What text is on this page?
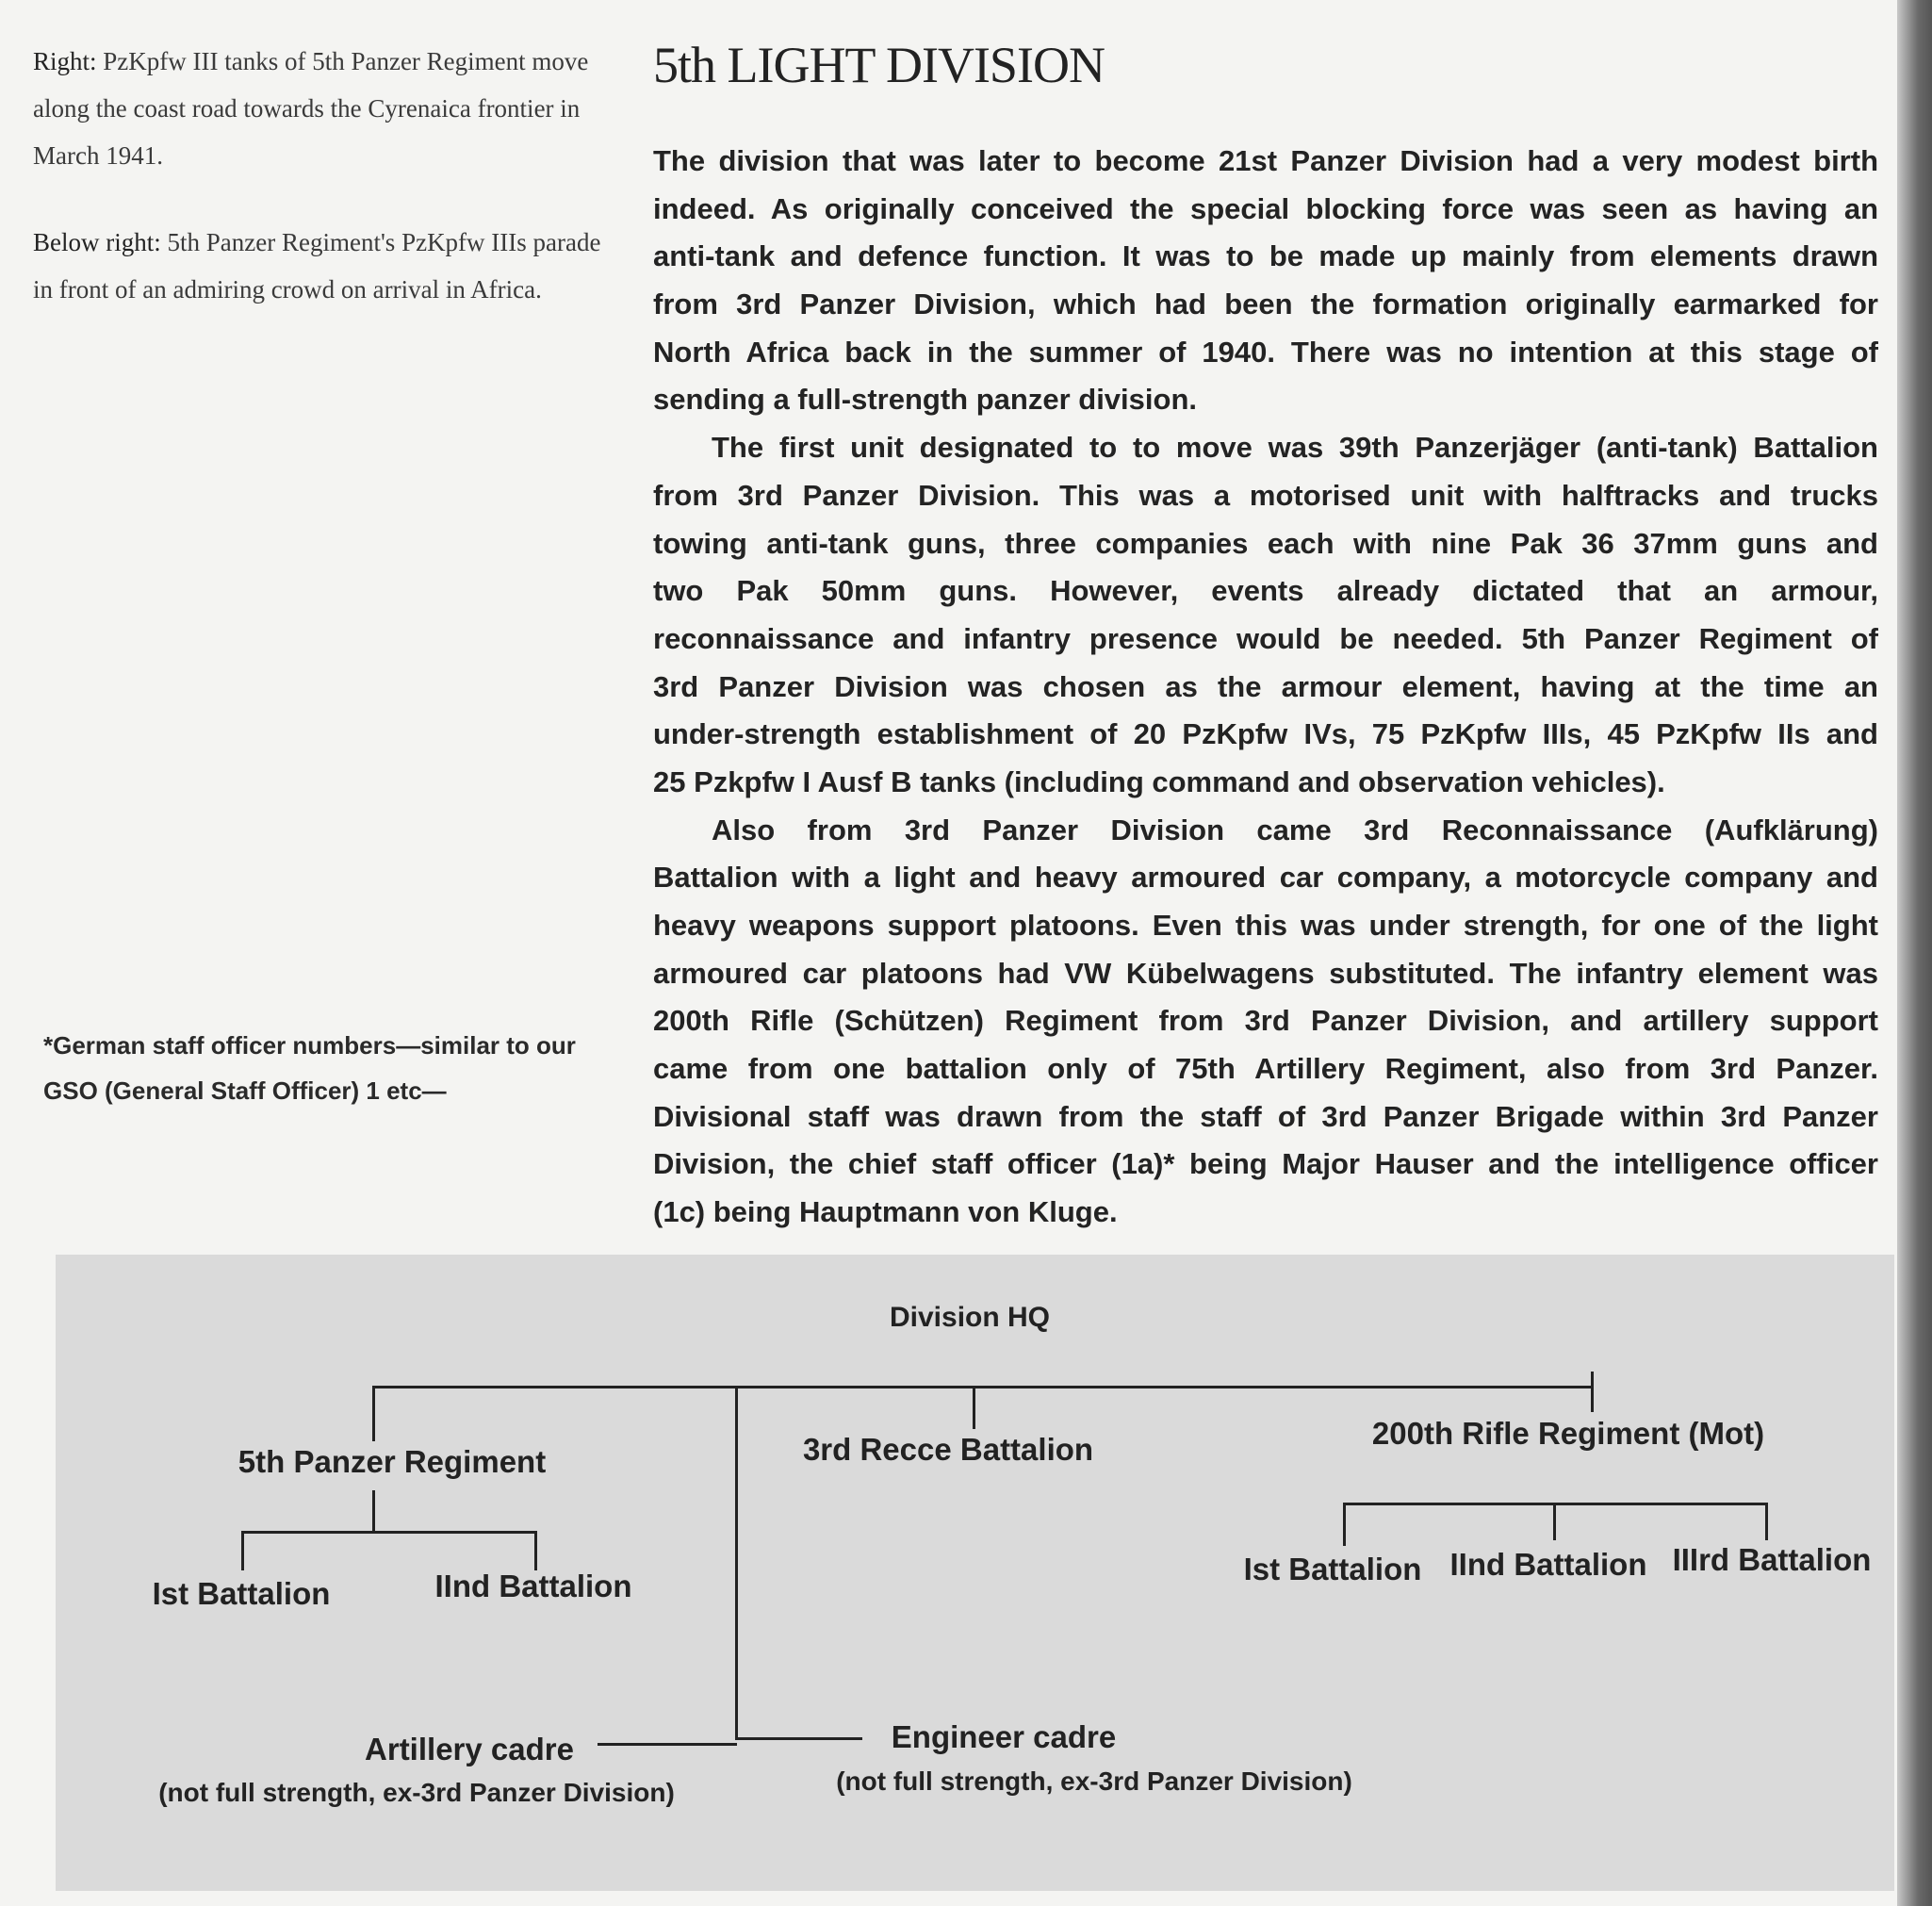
Right: PzKpfw III tanks of 5th Panzer Regiment move along the coast road towards the Cyrenaica frontier in March 1941.
Below right: 5th Panzer Regiment's PzKpfw IIIs parade in front of an admiring crowd on arrival in Africa.
5th LIGHT DIVISION
The division that was later to become 21st Panzer Division had a very modest birth
indeed. As originally conceived the special blocking force was seen as having an
anti-tank and defence function. It was to be made up mainly from elements drawn
from 3rd Panzer Division, which had been the formation originally earmarked for
North Africa back in the summer of 1940. There was no intention at this stage of
sending a full-strength panzer division.
The first unit designated to to move was 39th Panzerjäger (anti-tank) Battalion
from 3rd Panzer Division. This was a motorised unit with halftracks and trucks
towing anti-tank guns, three companies each with nine Pak 36 37mm guns and
two Pak 50mm guns. However, events already dictated that an armour,
reconnaissance and infantry presence would be needed. 5th Panzer Regiment of
3rd Panzer Division was chosen as the armour element, having at the time an
under-strength establishment of 20 PzKpfw IVs, 75 PzKpfw IIIs, 45 PzKpfw IIs and
25 Pzkpfw I Ausf B tanks (including command and observation vehicles).
Also from 3rd Panzer Division came 3rd Reconnaissance (Aufklärung)
Battalion with a light and heavy armoured car company, a motorcycle company and
heavy weapons support platoons. Even this was under strength, for one of the light
armoured car platoons had VW Kübelwagens substituted. The infantry element was
200th Rifle (Schützen) Regiment from 3rd Panzer Division, and artillery support
came from one battalion only of 75th Artillery Regiment, also from 3rd Panzer.
Divisional staff was drawn from the staff of 3rd Panzer Brigade within 3rd Panzer
Division, the chief staff officer (1a)* being Major Hauser and the intelligence officer
(1c) being Hauptmann von Kluge.
*German staff officer numbers—similar to our
GSO (General Staff Officer) 1 etc—
Division HQ
5th Panzer Regiment	3rd Recce Battalion	200th Rifle Regiment (Mot)
Ist Battalion	IInd Battalion	Ist Battalion IInd Battalion IIIrd Battalion
Artillery cadre
(not full strength, ex-3rd Panzer Division)
Engineer cadre
(not full strength, ex-3rd Panzer Division)
